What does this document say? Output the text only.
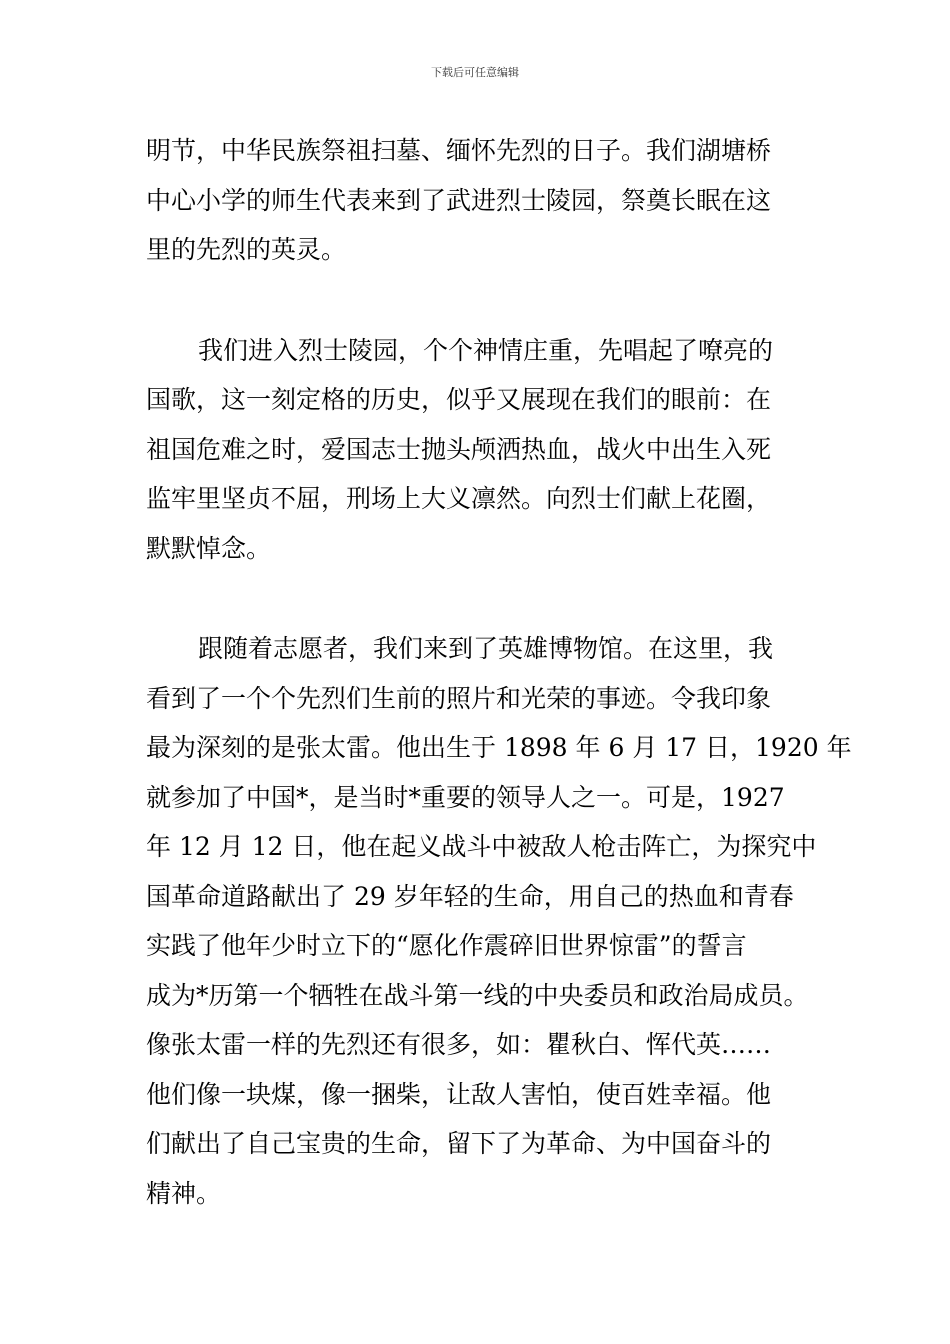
下载后可任意编辑
明节，中华民族祭祖扫墓、缅怀先烈的日子。我们湖塘桥
中心小学的师生代表来到了武进烈士陵园，祭奠长眠在这
里的先烈的英灵。
我们进入烈士陵园，个个神情庄重，先唱起了嘹亮的
国歌，这一刻定格的历史，似乎又展现在我们的眼前：在
祖国危难之时，爱国志士抛头颅洒热血，战火中出生入死
监牢里坚贞不屈，刑场上大义凛然。向烈士们献上花圈，
默默悼念。
跟随着志愿者，我们来到了英雄博物馆。在这里，我
看到了一个个先烈们生前的照片和光荣的事迹。令我印象
最为深刻的是张太雷。他出生于 1898 年 6 月 17 日，1920 年
就参加了中国*，是当时*重要的领导人之一。可是，1927
年 12 月 12 日，他在起义战斗中被敌人枪击阵亡，为探究中
国革命道路献出了 29 岁年轻的生命，用自己的热血和青春
实践了他年少时立下的“愿化作震碎旧世界惊雷”的誓言
成为*历第一个牺牲在战斗第一线的中央委员和政治局成员。
像张太雷一样的先烈还有很多，如：瞿秋白、恽代英……
他们像一块煤，像一捆柴，让敌人害怕，使百姓幸福。他
们献出了自己宝贵的生命，留下了为革命、为中国奋斗的
精神。
